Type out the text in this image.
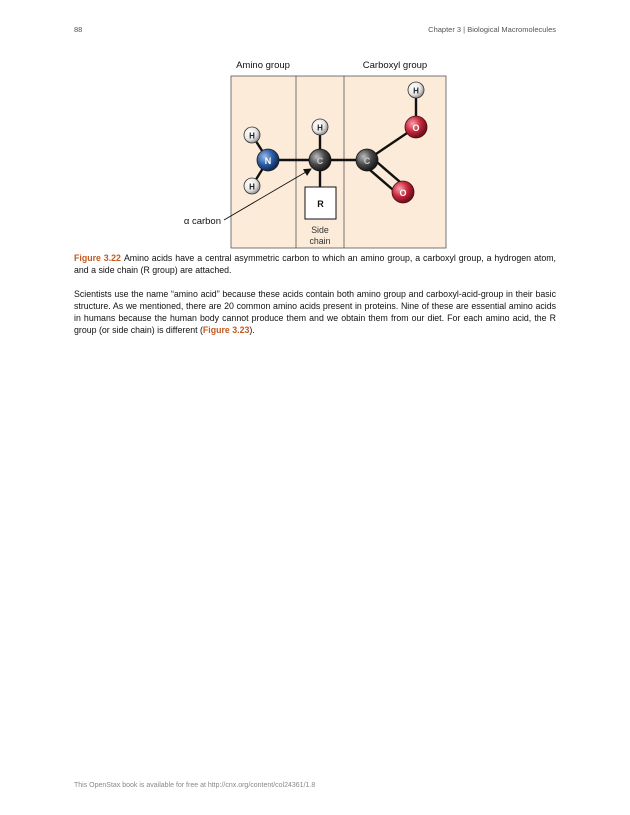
88	Chapter 3 | Biological Macromolecules
Amino group	Carboxyl group
R
Side
chain
H
H
N
H
C	C
H
O
O
α carbon
Figure 3.22 Amino acids have a central asymmetric carbon to which an amino group, a carboxyl group, a hydrogen atom, and a side chain (R group) are attached.

Scientists use the name “amino acid” because these acids contain both amino group and carboxyl-acid-group in their basic structure. As we mentioned, there are 20 common amino acids present in proteins. Nine of these are essential amino acids in humans because the human body cannot produce them and we obtain them from our diet. For each amino acid, the R group (or side chain) is different (Figure 3.23).

This OpenStax book is available for free at http://cnx.org/content/col24361/1.8
